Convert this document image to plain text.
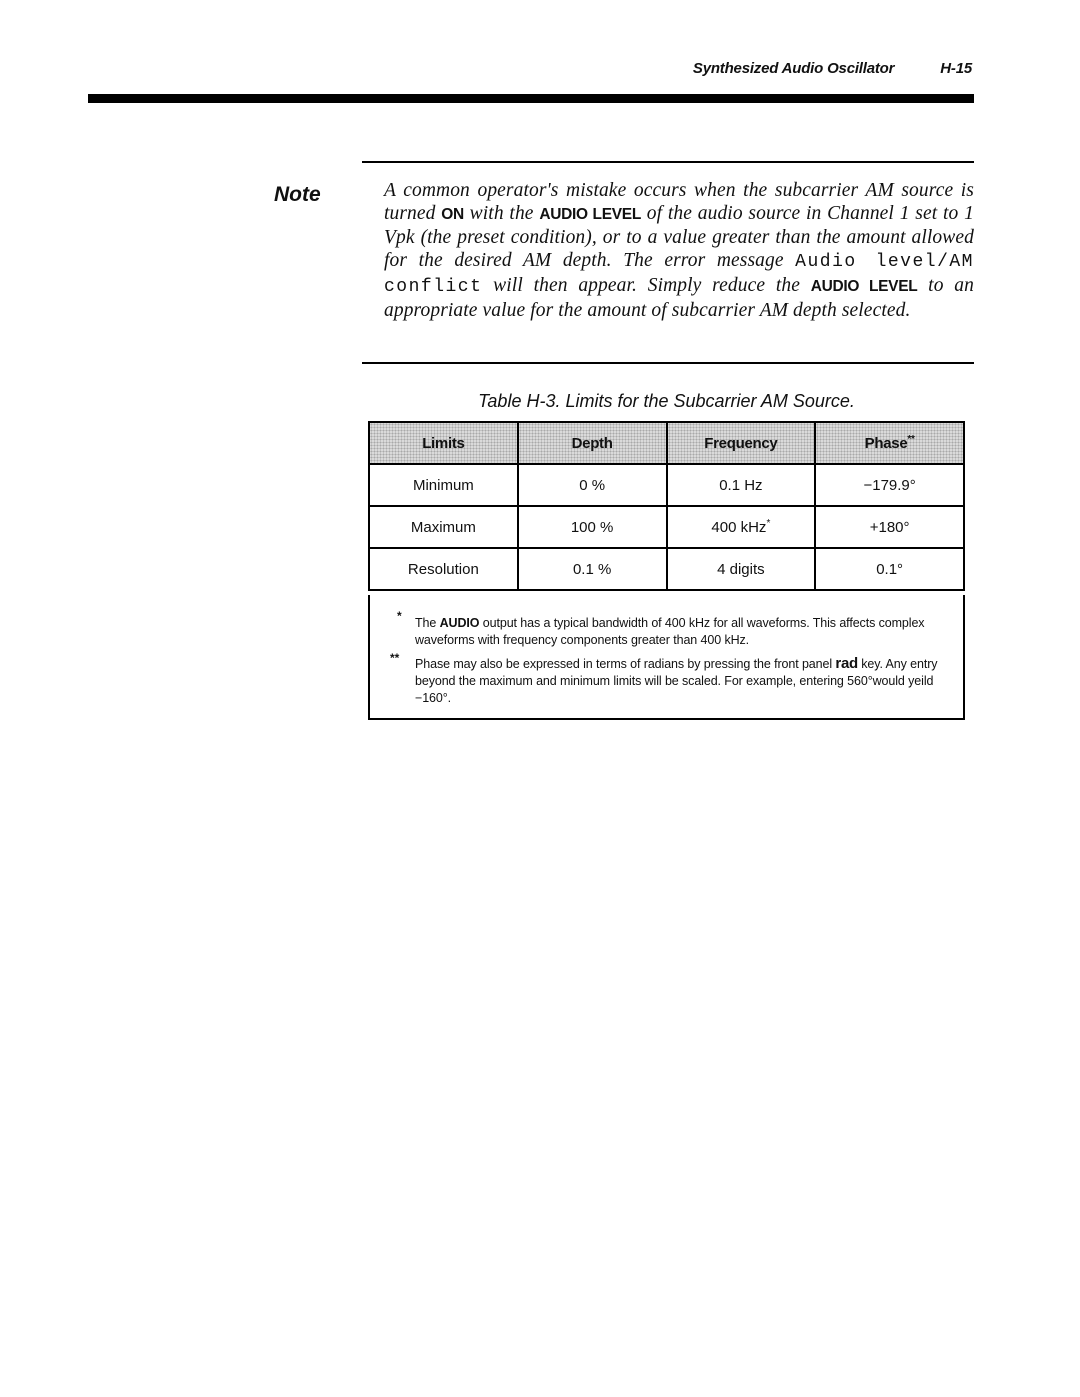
Synthesized Audio Oscillator	H-15
Note	A common operator's mistake occurs when the subcarrier AM source is turned ON with the AUDIO LEVEL of the audio source in Channel 1 set to 1 Vpk (the preset condition), or to a value greater than the amount allowed for the desired AM depth. The error message Audio level/AM conflict will then appear. Simply reduce the AUDIO LEVEL to an appropriate value for the amount of subcarrier AM depth selected.
Table H-3. Limits for the Subcarrier AM Source.
Limits	Depth	Frequency	Phase**
Minimum	0 %	0.1 Hz	−179.9°
Maximum	100 %	400 kHz*	+180°
Resolution	0.1 %	4 digits	0.1°
* The AUDIO output has a typical bandwidth of 400 kHz for all waveforms. This affects complex waveforms with frequency components greater than 400 kHz.
** Phase may also be expressed in terms of radians by pressing the front panel rad key. Any entry beyond the maximum and minimum limits will be scaled. For example, entering 560°would yeild −160°.
